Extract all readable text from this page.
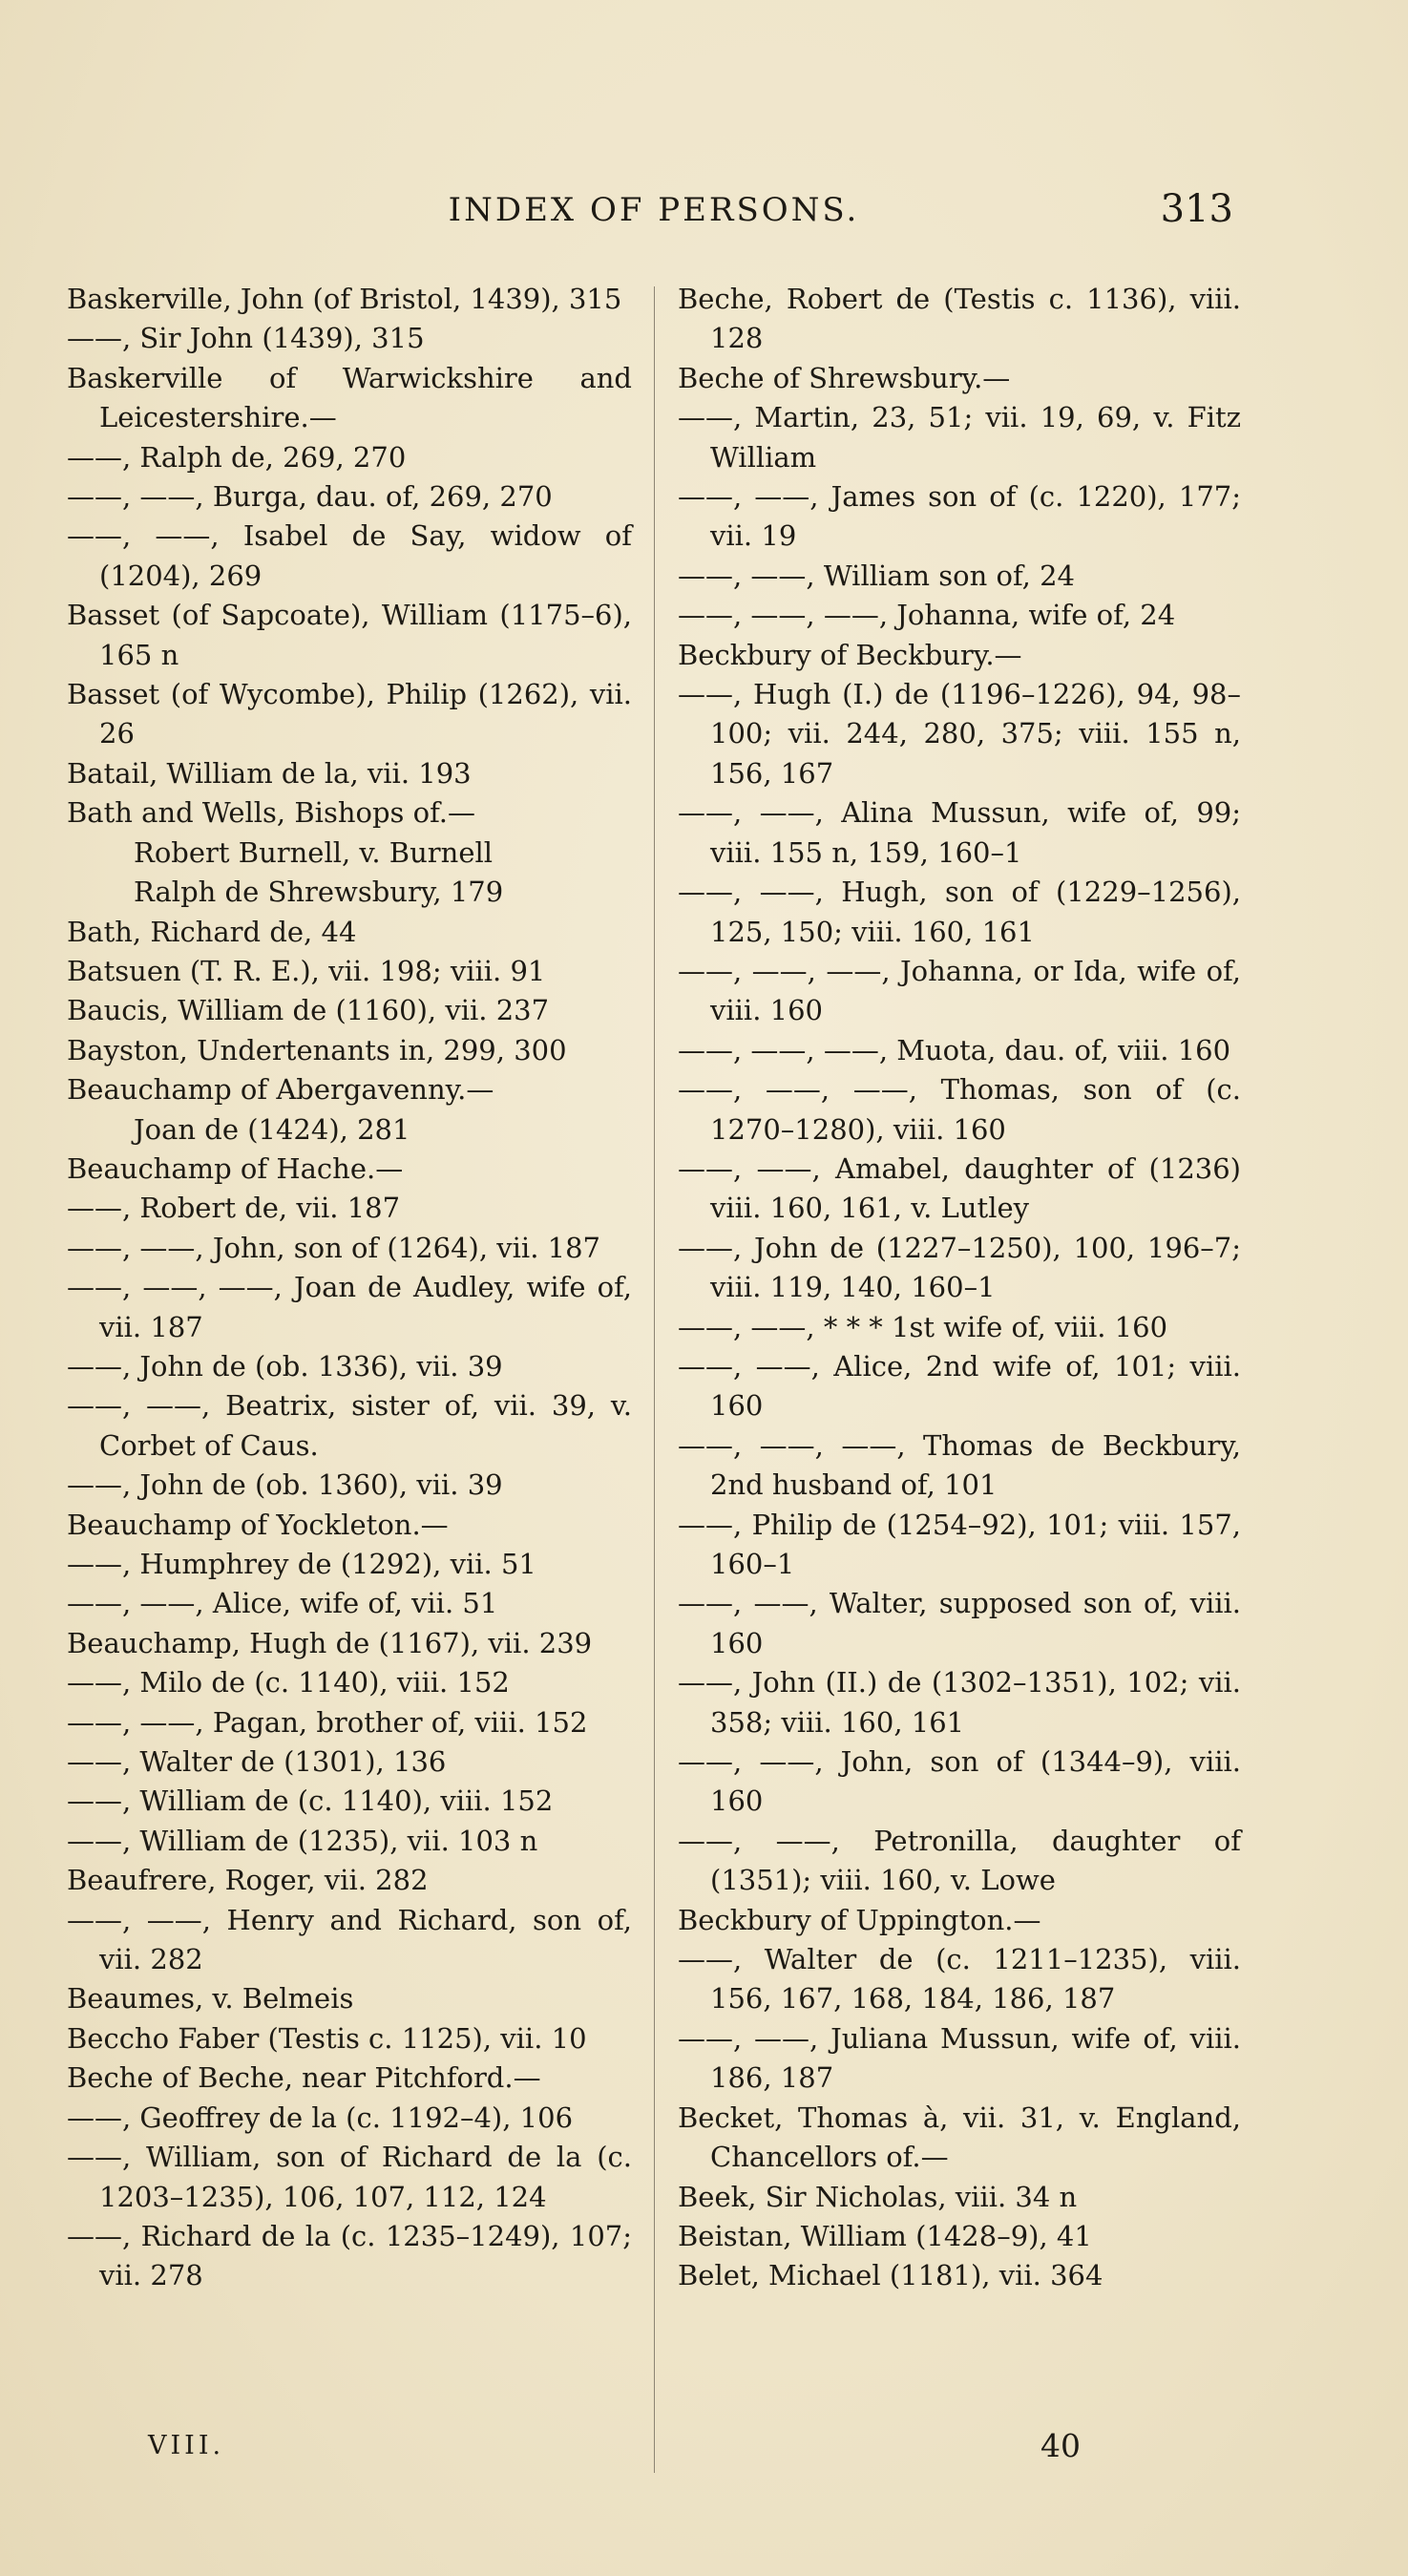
INDEX OF PERSONS.	313
Baskerville, John (of Bristol, 1439), 315
——, Sir John (1439), 315
Baskerville of Warwickshire and Leicestershire.—
——, Ralph de, 269, 270
——, ——, Burga, dau. of, 269, 270
——, ——, Isabel de Say, widow of (1204), 269
Basset (of Sapcoate), William (1175–6), 165 n
Basset (of Wycombe), Philip (1262), vii. 26
Batail, William de la, vii. 193
Bath and Wells, Bishops of.—
Robert Burnell, v. Burnell
Ralph de Shrewsbury, 179
Bath, Richard de, 44
Batsuen (T. R. E.), vii. 198; viii. 91
Baucis, William de (1160), vii. 237
Bayston, Undertenants in, 299, 300
Beauchamp of Abergavenny.—
Joan de (1424), 281
Beauchamp of Hache.—
——, Robert de, vii. 187
——, ——, John, son of (1264), vii. 187
——, ——, ——, Joan de Audley, wife of, vii. 187
——, John de (ob. 1336), vii. 39
——, ——, Beatrix, sister of, vii. 39, v. Corbet of Caus.
——, John de (ob. 1360), vii. 39
Beauchamp of Yockleton.—
——, Humphrey de (1292), vii. 51
——, ——, Alice, wife of, vii. 51
Beauchamp, Hugh de (1167), vii. 239
——, Milo de (c. 1140), viii. 152
——, ——, Pagan, brother of, viii. 152
——, Walter de (1301), 136
——, William de (c. 1140), viii. 152
——, William de (1235), vii. 103 n
Beaufrere, Roger, vii. 282
——, ——, Henry and Richard, son of, vii. 282
Beaumes, v. Belmeis
Beccho Faber (Testis c. 1125), vii. 10
Beche of Beche, near Pitchford.—
——, Geoffrey de la (c. 1192–4), 106
——, William, son of Richard de la (c. 1203–1235), 106, 107, 112, 124
——, Richard de la (c. 1235–1249), 107; vii. 278
Beche, Robert de (Testis c. 1136), viii. 128
Beche of Shrewsbury.—
——, Martin, 23, 51; vii. 19, 69, v. Fitz William
——, ——, James son of (c. 1220), 177; vii. 19
——, ——, William son of, 24
——, ——, ——, Johanna, wife of, 24
Beckbury of Beckbury.—
——, Hugh (I.) de (1196–1226), 94, 98–100; vii. 244, 280, 375; viii. 155 n, 156, 167
——, ——, Alina Mussun, wife of, 99; viii. 155 n, 159, 160–1
——, ——, Hugh, son of (1229–1256), 125, 150; viii. 160, 161
——, ——, ——, Johanna, or Ida, wife of, viii. 160
——, ——, ——, Muota, dau. of, viii. 160
——, ——, ——, Thomas, son of (c. 1270–1280), viii. 160
——, ——, Amabel, daughter of (1236) viii. 160, 161, v. Lutley
——, John de (1227–1250), 100, 196–7; viii. 119, 140, 160–1
——, ——, * * * 1st wife of, viii. 160
——, ——, Alice, 2nd wife of, 101; viii. 160
——, ——, ——, Thomas de Beckbury, 2nd husband of, 101
——, Philip de (1254–92), 101; viii. 157, 160–1
——, ——, Walter, supposed son of, viii. 160
——, John (II.) de (1302–1351), 102; vii. 358; viii. 160, 161
——, ——, John, son of (1344–9), viii. 160
——, ——, Petronilla, daughter of (1351); viii. 160, v. Lowe
Beckbury of Uppington.—
——, Walter de (c. 1211–1235), viii. 156, 167, 168, 184, 186, 187
——, ——, Juliana Mussun, wife of, viii. 186, 187
Becket, Thomas à, vii. 31, v. England, Chancellors of.—
Beek, Sir Nicholas, viii. 34 n
Beistan, William (1428–9), 41
Belet, Michael (1181), vii. 364
VIII.	40
